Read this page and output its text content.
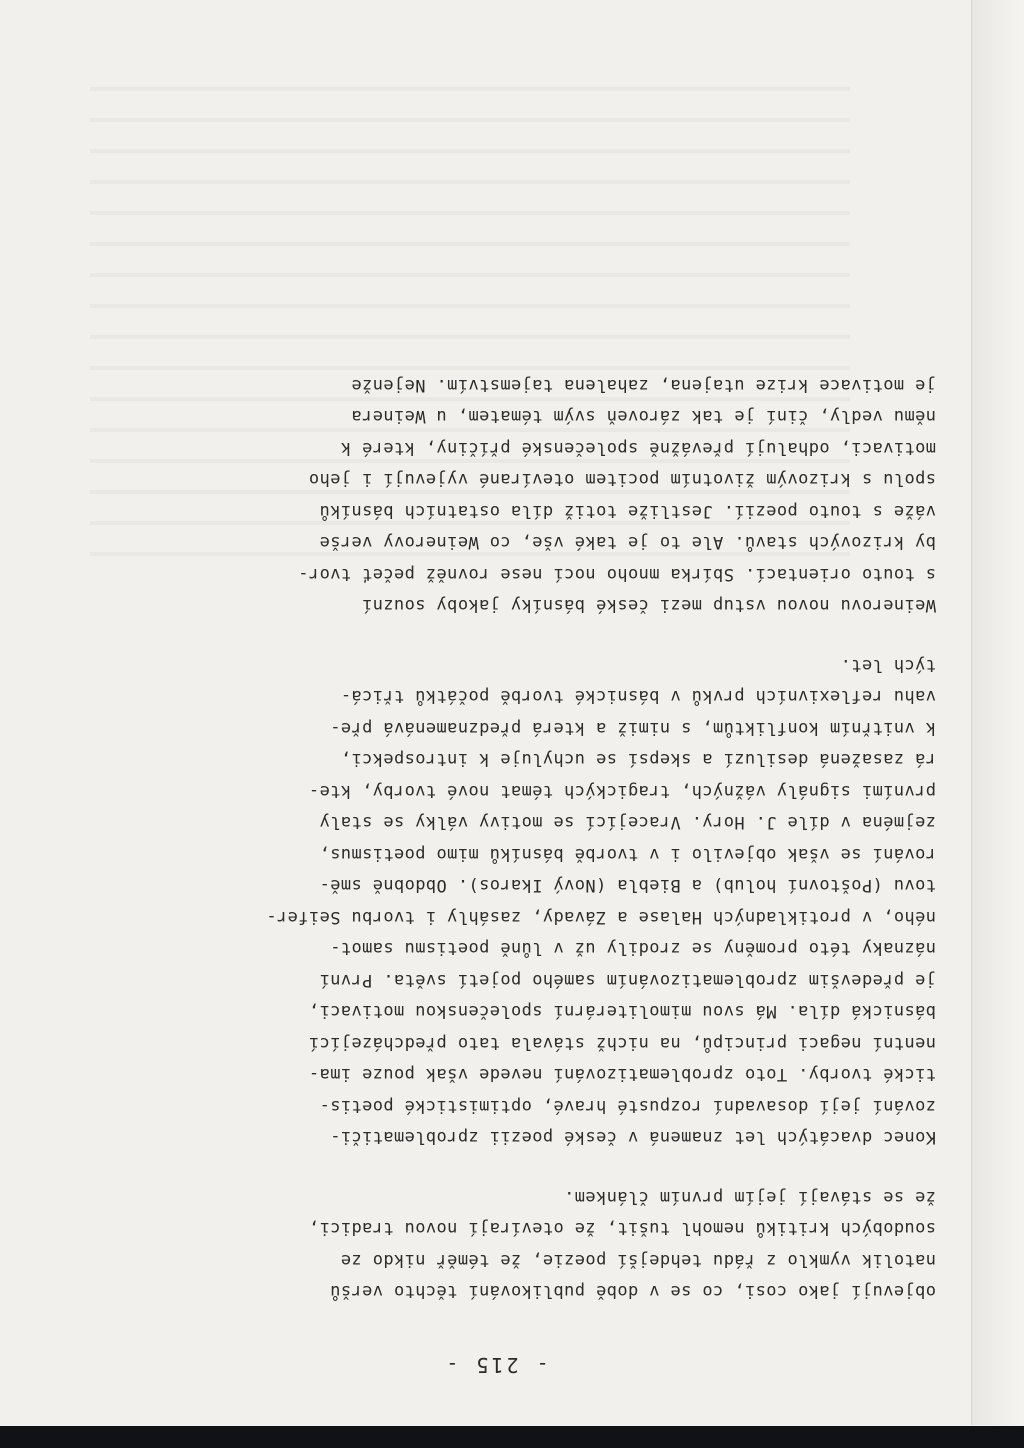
- 215 -
objevují jako cosi, co se v době publikování těchto veršů
natolik vymklo z řádu tehdejší poezie, že téměř nikdo ze
soudobých kritiků nemohl tušit, že otevírají novou tradici,
že se stávají jejím prvním článkem.
Konec dvacátých let znamená v české poezii zproblematiči-
zování její dosavadní rozpusté hravé, optimistické poetis-
tické tvorby. Toto zproblematizování nevede však pouze ima-
nentní negaci principů, na nichž stávala tato předcházející
básnická díla. Má svou mimoliterární společenskou motivaci,
je předevšim zproblematizováním samého pojetí světa. První
náznaky této proměny se zrodily už v lůně poetismu samot-
ného, v protikladných Halase a Závady, zasáhly i tvorbu Seifer-
tovu (Poštovní holub) a Biebla (Nový Ikaros). Obdobně smě-
rování se však objevilo i v tvorbě básníků mimo poetismus,
zejména v díle J. Hory. Vracející se motivy války se staly
prvními signály vážných, tragických témat nové tvorby, kte-
rá zasažená desiluzí a skepsí se uchyluje k introspekci,
k vnitřním konfliktům, s nimiž a která předznamenává pře-
vahu reflexivních prvků v básnické tvorbě počátků třicá-
tých let.
Weinerovu novou vstup mezi české básníky jakoby souzní
s touto orientací. Sbírka mnoho nocí nese rovněž pečeť tvor-
by krizových stavů. Ale to je také vše, co Weinerovy verše
váže s touto poezií. Jestliže totiž díla ostatních básníků
spolu s krizovým životním pocitem otevírané vyjevují i jeho
motivaci, odhalují převážně společenské příčiny, které k
němu vedly, činí je tak zároveň svým tématem, u Weinera
je motivace krize utajena, zahalena tajemstvím. Nejenže
